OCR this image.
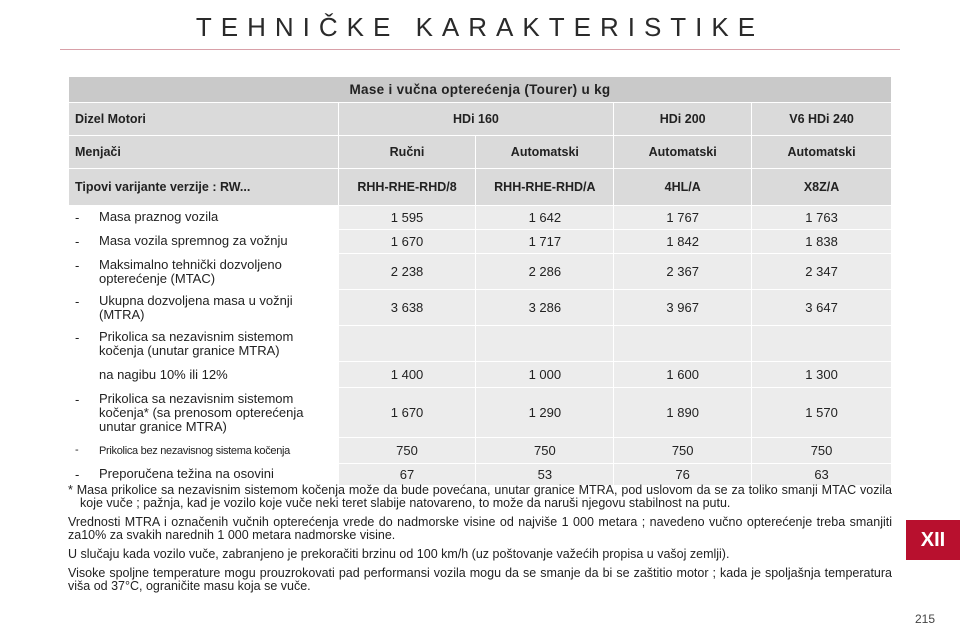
TEHNIČKE KARAKTERISTIKE
Mase i vučna opterećenja (Tourer) u kg				
Dizel Motori	HDi 160		HDi 200	V6 HDi 240
Menjači	Ručni	Automatski	Automatski	Automatski
Tipovi varijante verzije : RW...	RHH-RHE-RHD/8	RHH-RHE-RHD/A	4HL/A	X8Z/A

- Masa praznog vozila	1 595	1 642	1 767	1 763

- Masa vozila spremnog za vožnju	1 670	1 717	1 842	1 838

- Maksimalno tehnički dozvoljeno opterećenje (MTAC)	2 238	2 286	2 367	2 347

- Ukupna dozvoljena masa u vožnji (MTRA)	3 638	3 286	3 967	3 647

- Prikolica sa nezavisnim sistemom kočenja (unutar granice MTRA)				

na nagibu 10% ili 12%	1 400	1 000	1 600	1 300

- Prikolica sa nezavisnim sistemom kočenja* (sa prenosom opterećenja unutar granice MTRA)	1 670	1 290	1 890	1 570

- Prikolica bez nezavisnog sistema kočenja	750	750	750	750

- Preporučena težina na osovini	67	53	76	63

* Masa prikolice sa nezavisnim sistemom kočenja može da bude povećana, unutar granice MTRA, pod uslovom da se za toliko smanji MTAC vozila koje vuče ; pažnja, kad je vozilo koje vuče neki teret slabije natovareno, to može da naruši njegovu stabilnost na putu.

Vrednosti MTRA i označenih vučnih opterećenja vrede do nadmorske visine od najviše 1 000 metara ; navedeno vučno opterećenje treba smanjiti za10% za svakih narednih 1 000 metara nadmorske visine.

U slučaju kada vozilo vuče, zabranjeno je prekoračiti brzinu od 100 km/h (uz poštovanje važećih propisa u vašoj zemlji).

Visoke spoljne temperature mogu prouzrokovati pad performansi vozila mogu da se smanje da bi se zaštitio motor ; kada je spoljašnja temperatura viša od 37°C, ograničite masu koja se vuče.

XII
215
